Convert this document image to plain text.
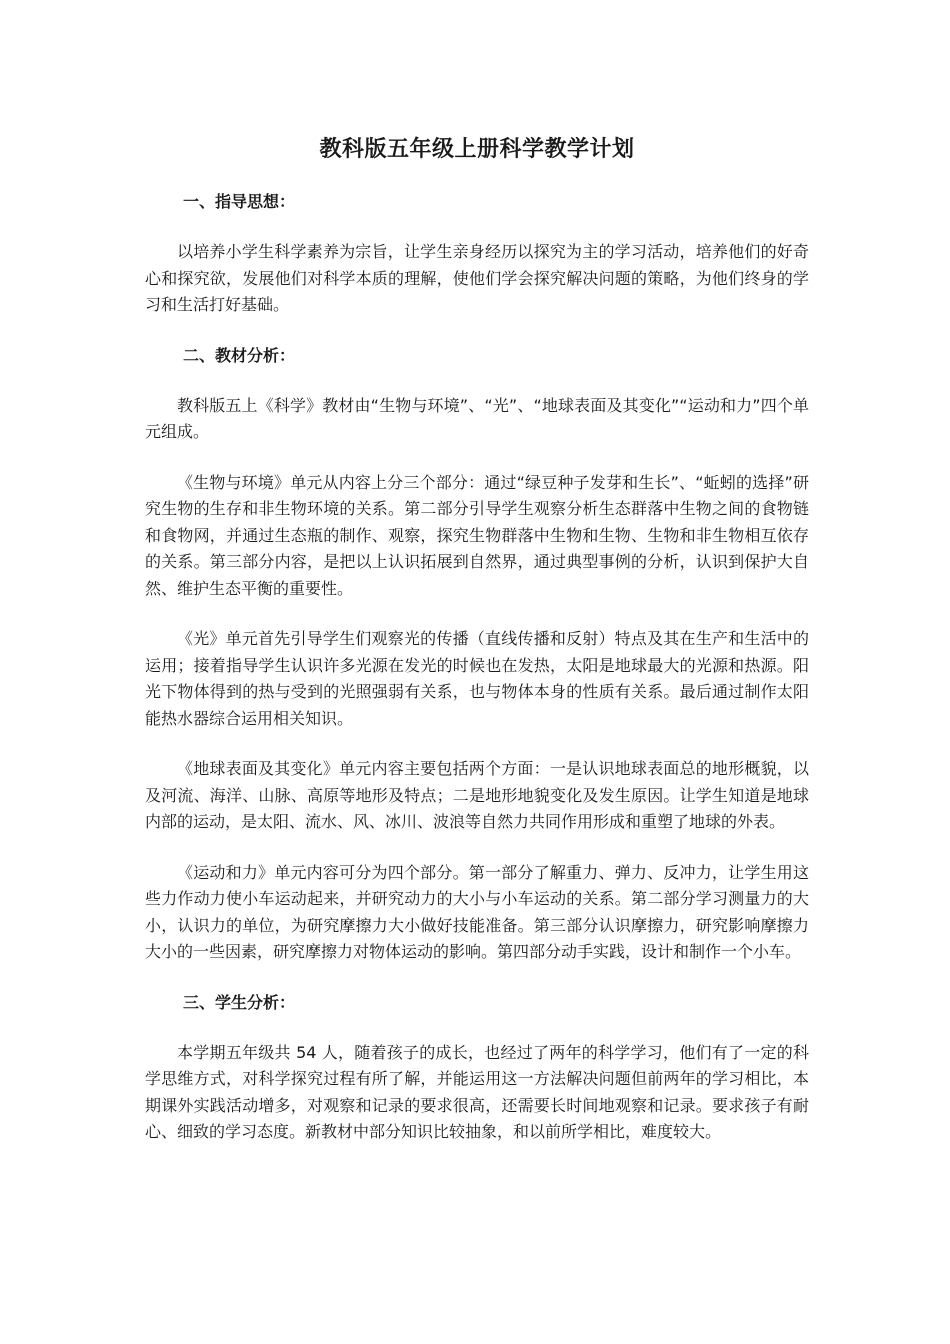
教科版五年级上册科学教学计划
一、指导思想：

以培养小学生科学素养为宗旨，让学生亲身经历以探究为主的学习活动，培养他们的好奇心和探究欲，发展他们对科学本质的理解，使他们学会探究解决问题的策略，为他们终身的学习和生活打好基础。

二、教材分析：

教科版五上《科学》教材由“生物与环境”、“光”、“地球表面及其变化”“运动和力”四个单元组成。

《生物与环境》单元从内容上分三个部分：通过“绿豆种子发芽和生长”、“蚯蚓的选择”研究生物的生存和非生物环境的关系。第二部分引导学生观察分析生态群落中生物之间的食物链和食物网，并通过生态瓶的制作、观察，探究生物群落中生物和生物、生物和非生物相互依存的关系。第三部分内容，是把以上认识拓展到自然界，通过典型事例的分析，认识到保护大自然、维护生态平衡的重要性。

《光》单元首先引导学生们观察光的传播（直线传播和反射）特点及其在生产和生活中的运用；接着指导学生认识许多光源在发光的时候也在发热，太阳是地球最大的光源和热源。阳光下物体得到的热与受到的光照强弱有关系，也与物体本身的性质有关系。最后通过制作太阳能热水器综合运用相关知识。

《地球表面及其变化》单元内容主要包括两个方面：一是认识地球表面总的地形概貌，以及河流、海洋、山脉、高原等地形及特点；二是地形地貌变化及发生原因。让学生知道是地球内部的运动，是太阳、流水、风、冰川、波浪等自然力共同作用形成和重塑了地球的外表。

《运动和力》单元内容可分为四个部分。第一部分了解重力、弹力、反冲力，让学生用这些力作动力使小车运动起来，并研究动力的大小与小车运动的关系。第二部分学习测量力的大小，认识力的单位，为研究摩擦力大小做好技能准备。第三部分认识摩擦力，研究影响摩擦力大小的一些因素，研究摩擦力对物体运动的影响。第四部分动手实践，设计和制作一个小车。

三、学生分析：

本学期五年级共 54 人，随着孩子的成长，也经过了两年的科学学习，他们有了一定的科学思维方式，对科学探究过程有所了解，并能运用这一方法解决问题但前两年的学习相比，本期课外实践活动增多，对观察和记录的要求很高，还需要长时间地观察和记录。要求孩子有耐心、细致的学习态度。新教材中部分知识比较抽象，和以前所学相比，难度较大。
